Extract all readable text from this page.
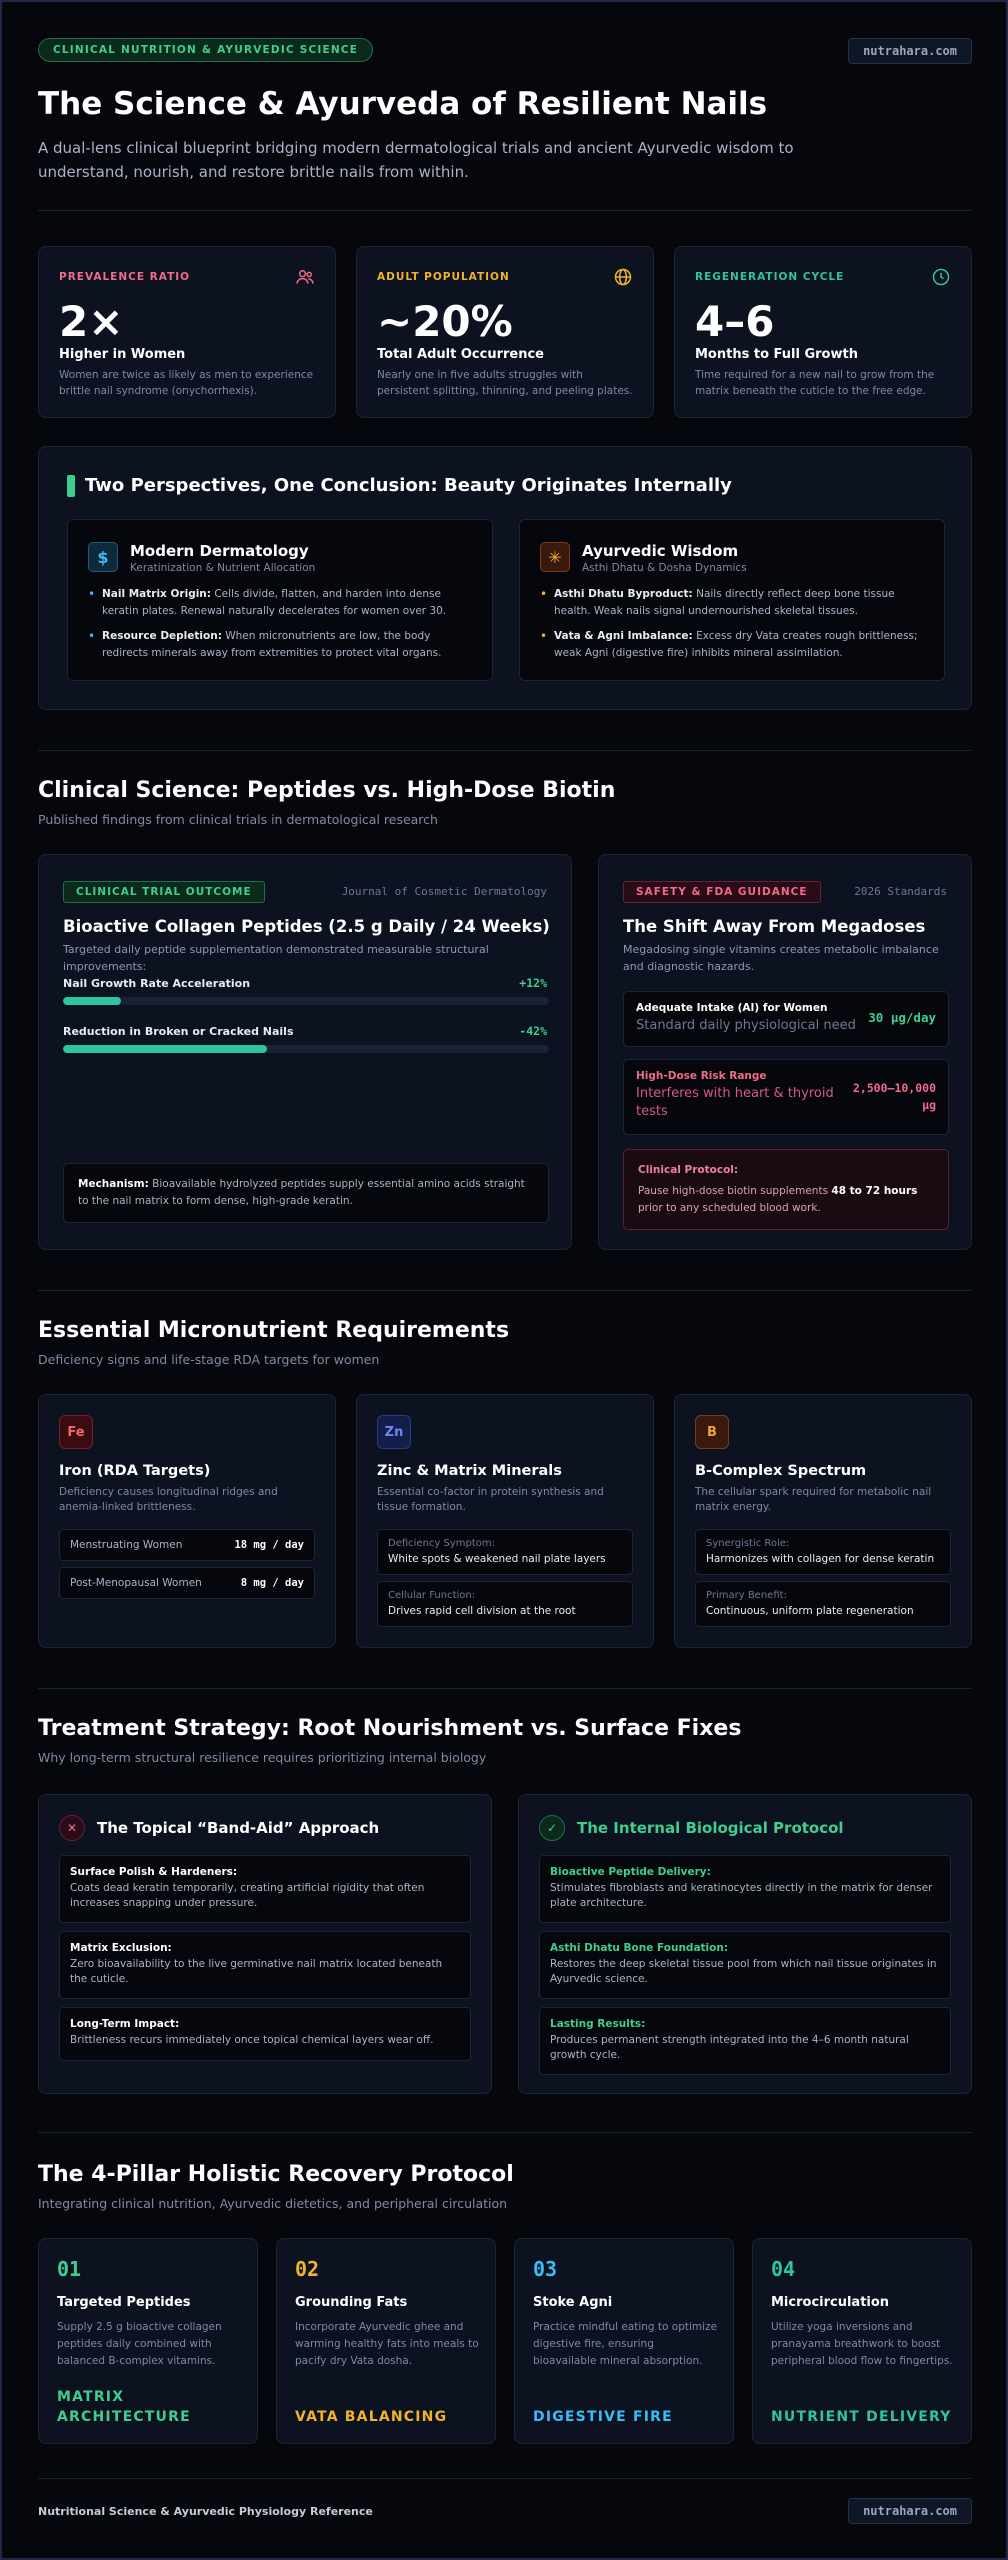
CLINICAL NUTRITION & AYURVEDIC SCIENCE	nutrahara.com
The Science & Ayurveda of Resilient Nails
A dual-lens clinical blueprint bridging modern dermatological trials and ancient Ayurvedic wisdom to understand, nourish, and restore brittle nails from within.
PREVALENCE RATIO
2×
Higher in Women
Women are twice as likely as men to experience brittle nail syndrome (onychorrhexis).
ADULT POPULATION
~20%
Total Adult Occurrence
Nearly one in five adults struggles with persistent splitting, thinning, and peeling plates.
REGENERATION CYCLE
4–6
Months to Full Growth
Time required for a new nail to grow from the matrix beneath the cuticle to the free edge.
Two Perspectives, One Conclusion: Beauty Originates Internally
$	Modern Dermatology
Keratinization & Nutrient Allocation
• Nail Matrix Origin: Cells divide, flatten, and harden into dense keratin plates. Renewal naturally decelerates for women over 30.
• Resource Depletion: When micronutrients are low, the body redirects minerals away from extremities to protect vital organs.
✳	Ayurvedic Wisdom
Asthi Dhatu & Dosha Dynamics
• Asthi Dhatu Byproduct: Nails directly reflect deep bone tissue health. Weak nails signal undernourished skeletal tissues.
• Vata & Agni Imbalance: Excess dry Vata creates rough brittleness; weak Agni (digestive fire) inhibits mineral assimilation.
Clinical Science: Peptides vs. High-Dose Biotin
Published findings from clinical trials in dermatological research
CLINICAL TRIAL OUTCOME	Journal of Cosmetic Dermatology
Bioactive Collagen Peptides (2.5 g Daily / 24 Weeks)
Targeted daily peptide supplementation demonstrated measurable structural improvements:
Nail Growth Rate Acceleration	+12%
Reduction in Broken or Cracked Nails	-42%
Mechanism: Bioavailable hydrolyzed peptides supply essential amino acids straight to the nail matrix to form dense, high-grade keratin.
SAFETY & FDA GUIDANCE	2026 Standards
The Shift Away From Megadoses
Megadosing single vitamins creates metabolic imbalance and diagnostic hazards.
Adequate Intake (AI) for Women
Standard daily physiological need
30 µg/day
High-Dose Risk Range
Interferes with heart & thyroid tests
2,500–10,000 µg
Clinical Protocol:
Pause high-dose biotin supplements 48 to 72 hours prior to any scheduled blood work.
Essential Micronutrient Requirements
Deficiency signs and life-stage RDA targets for women
Fe
Iron (RDA Targets)
Deficiency causes longitudinal ridges and anemia-linked brittleness.
Menstruating Women	18 mg / day
Post-Menopausal Women	8 mg / day
Zn
Zinc & Matrix Minerals
Essential co-factor in protein synthesis and tissue formation.
Deficiency Symptom:
White spots & weakened nail plate layers
Cellular Function:
Drives rapid cell division at the root
B
B-Complex Spectrum
The cellular spark required for metabolic nail matrix energy.
Synergistic Role:
Harmonizes with collagen for dense keratin
Primary Benefit:
Continuous, uniform plate regeneration
Treatment Strategy: Root Nourishment vs. Surface Fixes
Why long-term structural resilience requires prioritizing internal biology
✕	The Topical “Band-Aid” Approach
Surface Polish & Hardeners:
Coats dead keratin temporarily, creating artificial rigidity that often increases snapping under pressure.
Matrix Exclusion:
Zero bioavailability to the live germinative nail matrix located beneath the cuticle.
Long-Term Impact:
Brittleness recurs immediately once topical chemical layers wear off.
✓	The Internal Biological Protocol
Bioactive Peptide Delivery:
Stimulates fibroblasts and keratinocytes directly in the matrix for denser plate architecture.
Asthi Dhatu Bone Foundation:
Restores the deep skeletal tissue pool from which nail tissue originates in Ayurvedic science.
Lasting Results:
Produces permanent strength integrated into the 4–6 month natural growth cycle.
The 4-Pillar Holistic Recovery Protocol
Integrating clinical nutrition, Ayurvedic dietetics, and peripheral circulation
01
Targeted Peptides
Supply 2.5 g bioactive collagen peptides daily combined with balanced B-complex vitamins.
MATRIX ARCHITECTURE
02
Grounding Fats
Incorporate Ayurvedic ghee and warming healthy fats into meals to pacify dry Vata dosha.
VATA BALANCING
03
Stoke Agni
Practice mindful eating to optimize digestive fire, ensuring bioavailable mineral absorption.
DIGESTIVE FIRE
04
Microcirculation
Utilize yoga inversions and pranayama breathwork to boost peripheral blood flow to fingertips.
NUTRIENT DELIVERY
Nutritional Science & Ayurvedic Physiology Reference	nutrahara.com
